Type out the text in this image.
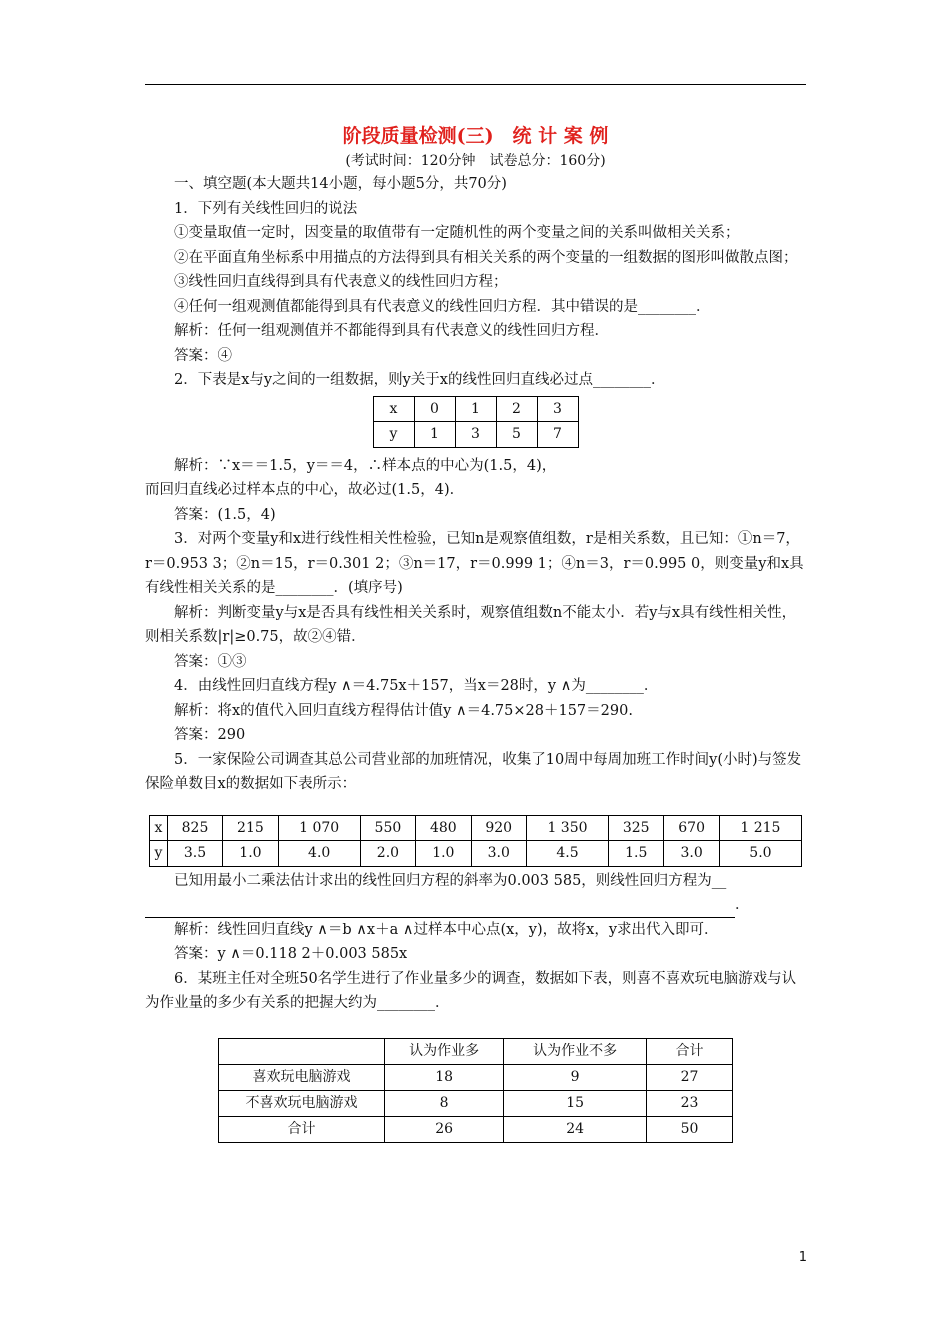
阶段质量检测(三)　统 计 案 例

(考试时间：120分钟　试卷总分：160分)

一、填空题(本大题共14小题，每小题5分，共70分)

1．下列有关线性回归的说法

①变量取值一定时，因变量的取值带有一定随机性的两个变量之间的关系叫做相关关系；

②在平面直角坐标系中用描点的方法得到具有相关关系的两个变量的一组数据的图形叫做散点图；

③线性回归直线得到具有代表意义的线性回归方程；

④任何一组观测值都能得到具有代表意义的线性回归方程．其中错误的是________．

解析：任何一组观测值并不都能得到具有代表意义的线性回归方程．

答案：④

2．下表是x与y之间的一组数据，则y关于x的线性回归直线必过点________．

x	0	1	2	3
y	1	3	5	7

解析：∵x＝＝1.5，y＝＝4，∴样本点的中心为(1.5，4)，

而回归直线必过样本点的中心，故必过(1.5，4)．

答案：(1.5，4)

3．对两个变量y和x进行线性相关性检验，已知n是观察值组数，r是相关系数，且已知：①n＝7，r＝0.953 3；②n＝15，r＝0.301 2；③n＝17，r＝0.999 1；④n＝3，r＝0.995 0，则变量y和x具有线性相关关系的是________．(填序号)

解析：判断变量y与x是否具有线性相关关系时，观察值组数n不能太小．若y与x具有线性相关性，则相关系数|r|≥0.75，故②④错．

答案：①③

4．由线性回归直线方程y ∧＝4.75x＋157，当x＝28时，y ∧为________．

解析：将x的值代入回归直线方程得估计值y ∧＝4.75×28＋157＝290.

答案：290

5．一家保险公司调查其总公司营业部的加班情况，收集了10周中每周加班工作时间y(小时)与签发保险单数目x的数据如下表所示：

x	825	215	1 070	550	480	920	1 350	325	670	1 215
y	3.5	1.0	4.0	2.0	1.0	3.0	4.5	1.5	3.0	5.0

已知用最小二乘法估计求出的线性回归方程的斜率为0.003 585，则线性回归方程为__

．

解析：线性回归直线y ∧＝b ∧x＋a ∧过样本中心点(x，y)，故将x，y求出代入即可．

答案：y ∧＝0.118 2＋0.003 585x

6．某班主任对全班50名学生进行了作业量多少的调查，数据如下表，则喜不喜欢玩电脑游戏与认为作业量的多少有关系的把握大约为________．

	认为作业多	认为作业不多	合计
喜欢玩电脑游戏	18	9	27
不喜欢玩电脑游戏	8	15	23
合计	26	24	50
1
